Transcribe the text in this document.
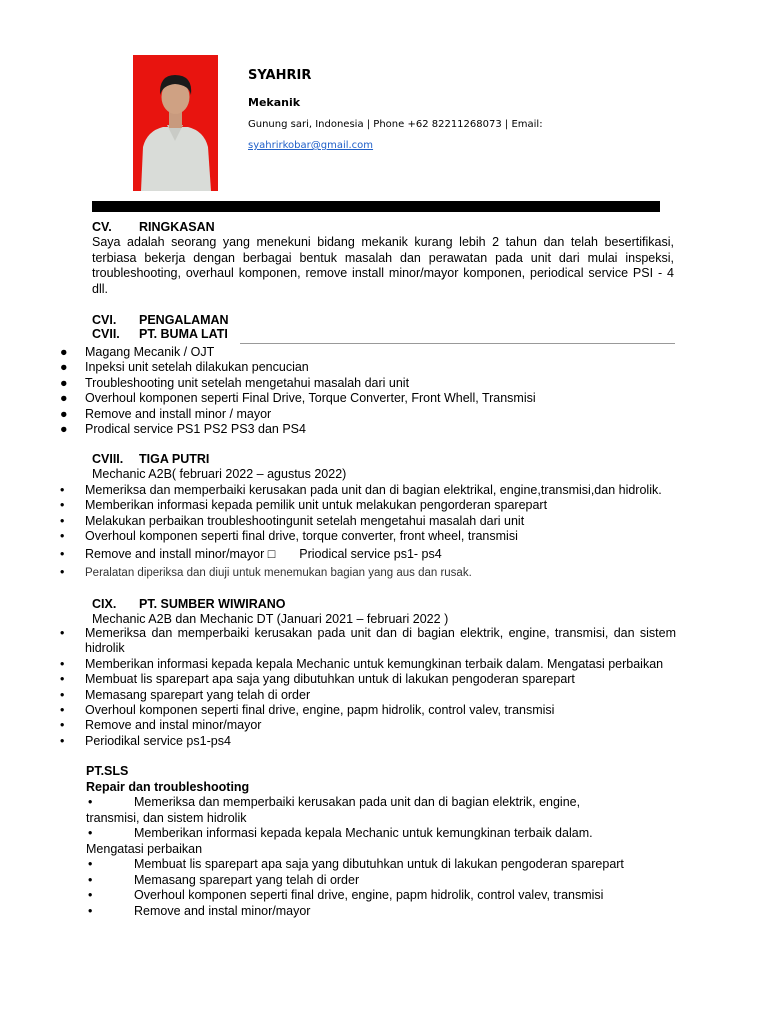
SYAHRIR
Mekanik
Gunung sari, Indonesia | Phone +62 82211268073 | Email:
syahrirkobar@gmail.com
CV. RINGKASAN
Saya adalah seorang yang menekuni bidang mekanik kurang lebih 2 tahun dan telah besertifikasi, terbiasa bekerja dengan berbagai bentuk masalah dan perawatan pada unit dari mulai inspeksi, troubleshooting, overhaul komponen, remove install minor/mayor komponen, periodical service PSI - 4 dll.
CVI. PENGALAMAN
CVII. PT. BUMA LATI
●	Magang Mecanik / OJT
●	Inpeksi unit setelah dilakukan pencucian
●	Troubleshooting unit setelah mengetahui masalah dari unit
●	Overhoul komponen seperti Final Drive, Torque Converter, Front Whell, Transmisi
●	Remove and install minor / mayor
●	Prodical service PS1 PS2 PS3 dan PS4
CVIII. TIGA PUTRI
Mechanic A2B( februari 2022 – agustus 2022)
•	Memeriksa dan memperbaiki kerusakan pada unit dan di bagian elektrikal, engine,transmisi,dan hidrolik.
•	Memberikan informasi kepada pemilik unit untuk melakukan pengorderan sparepart
•	Melakukan perbaikan troubleshootingunit setelah mengetahui masalah dari unit
•	Overhoul komponen seperti final drive, torque converter, front wheel, transmisi
•	Remove and install minor/mayor □ Priodical service ps1- ps4
•	Peralatan diperiksa dan diuji untuk menemukan bagian yang aus dan rusak.
CIX. PT. SUMBER WIWIRANO
Mechanic A2B dan Mechanic DT (Januari 2021 – februari 2022 )
•	Memeriksa dan memperbaiki kerusakan pada unit dan di bagian elektrik, engine, transmisi, dan sistem hidrolik
•	Memberikan informasi kepada kepala Mechanic untuk kemungkinan terbaik dalam. Mengatasi perbaikan
•	Membuat lis sparepart apa saja yang dibutuhkan untuk di lakukan pengoderan sparepart
•	Memasang sparepart yang telah di order
•	Overhoul komponen seperti final drive, engine, papm hidrolik, control valev, transmisi
•	Remove and instal minor/mayor
•	Periodikal service ps1-ps4
PT.SLS
Repair dan troubleshooting
•	Memeriksa dan memperbaiki kerusakan pada unit dan di bagian elektrik, engine,
transmisi, dan sistem hidrolik
•	Memberikan informasi kepada kepala Mechanic untuk kemungkinan terbaik dalam.
Mengatasi perbaikan
•	Membuat lis sparepart apa saja yang dibutuhkan untuk di lakukan pengoderan sparepart
•	Memasang sparepart yang telah di order
•	Overhoul komponen seperti final drive, engine, papm hidrolik, control valev, transmisi
•	Remove and instal minor/mayor
